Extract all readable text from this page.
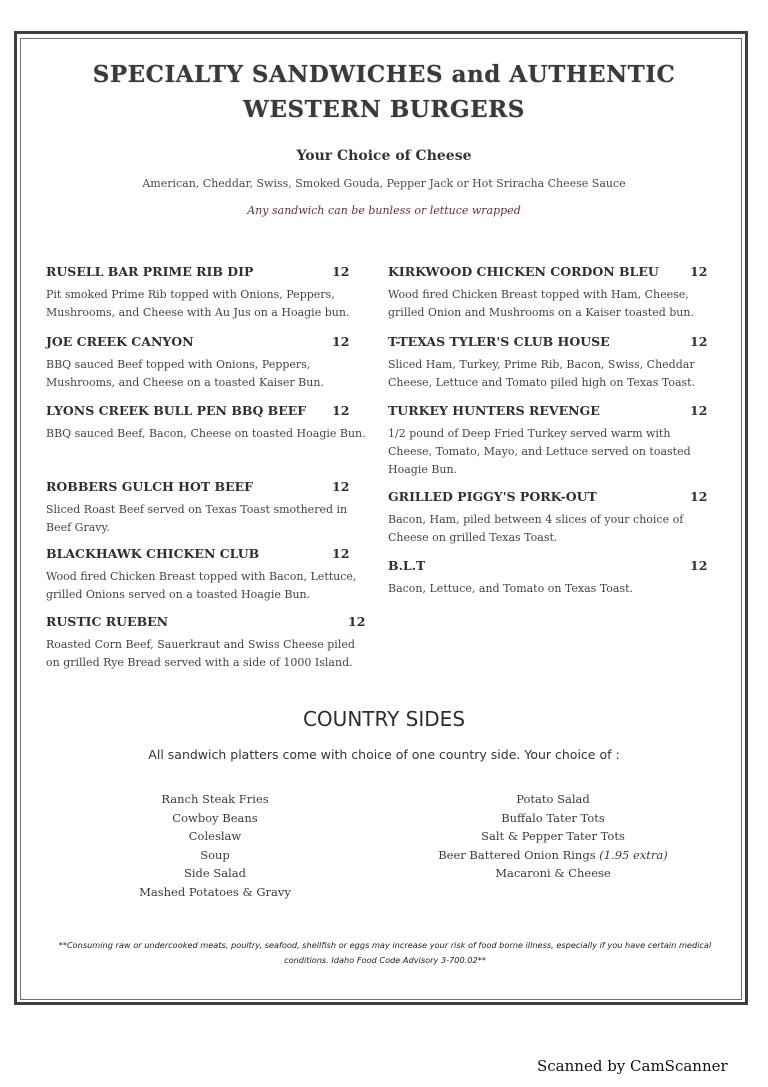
SPECIALTY SANDWICHES and AUTHENTIC
WESTERN BURGERS
Your Choice of Cheese
American, Cheddar, Swiss, Smoked Gouda, Pepper Jack or Hot Sriracha Cheese Sauce
Any sandwich can be bunless or lettuce wrapped
RUSELL BAR PRIME RIB DIP	12
Pit smoked Prime Rib topped with Onions, Peppers, Mushrooms, and Cheese with Au Jus on a Hoagie bun.
JOE CREEK CANYON	12
BBQ sauced Beef topped with Onions, Peppers, Mushrooms, and Cheese on a toasted Kaiser Bun.
LYONS CREEK BULL PEN BBQ BEEF 12
BBQ sauced Beef, Bacon, Cheese on toasted Hoagie Bun.
ROBBERS GULCH HOT BEEF	12
Sliced Roast Beef served on Texas Toast smothered in Beef Gravy.
BLACKHAWK CHICKEN CLUB	12
Wood fired Chicken Breast topped with Bacon, Lettuce, grilled Onions served on a toasted Hoagie Bun.
RUSTIC RUEBEN	12
Roasted Corn Beef, Sauerkraut and Swiss Cheese piled on grilled Rye Bread served with a side of 1000 Island.
KIRKWOOD CHICKEN CORDON BLEU 12
Wood fired Chicken Breast topped with Ham, Cheese, grilled Onion and Mushrooms on a Kaiser toasted bun.
T-TEXAS TYLER'S CLUB HOUSE	12
Sliced Ham, Turkey, Prime Rib, Bacon, Swiss, Cheddar Cheese, Lettuce and Tomato piled high on Texas Toast.
TURKEY HUNTERS REVENGE	12
1/2 pound of Deep Fried Turkey served warm with Cheese, Tomato, Mayo, and Lettuce served on toasted Hoagie Bun.
GRILLED PIGGY'S PORK-OUT	12
Bacon, Ham, piled between 4 slices of your choice of Cheese on grilled Texas Toast.
B.L.T	12
Bacon, Lettuce, and Tomato on Texas Toast.
COUNTRY SIDES
All sandwich platters come with choice of one country side. Your choice of :
Ranch Steak Fries
Cowboy Beans
Coleslaw
Soup
Side Salad
Mashed Potatoes & Gravy
Potato Salad
Buffalo Tater Tots
Salt & Pepper Tater Tots
Beer Battered Onion Rings (1.95 extra)
Macaroni & Cheese
**Consuming raw or undercooked meats, poultry, seafood, shellfish or eggs may increase your risk of food borne illness, especially if you have certain medical conditions. Idaho Food Code Advisory 3-700.02**
Scanned by CamScanner
